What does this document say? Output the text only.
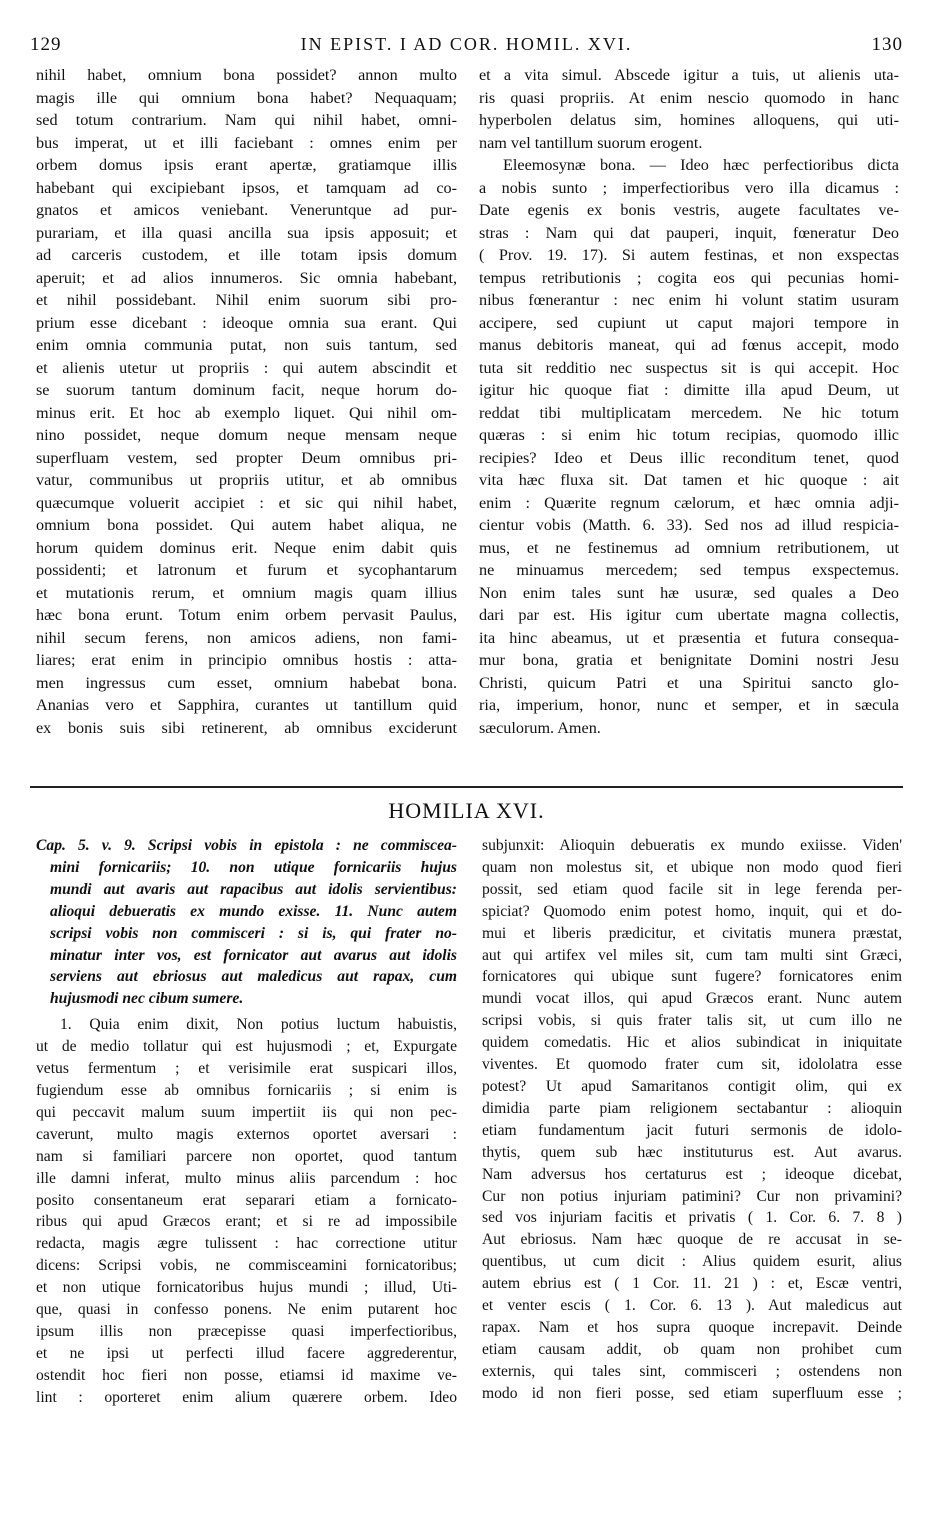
129	IN EPIST. I AD COR. HOMIL. XVI.	130
nihil habet, omnium bona possidet? annon multo
magis ille qui omnium bona habet? Nequaquam;
sed totum contrarium. Nam qui nihil habet, omni-
bus imperat, ut et illi faciebant : omnes enim per
orbem domus ipsis erant apertæ, gratiamque illis
habebant qui excipiebant ipsos, et tamquam ad co-
gnatos et amicos veniebant. Veneruntque ad pur-
purariam, et illa quasi ancilla sua ipsis apposuit; et
ad carceris custodem, et ille totam ipsis domum
aperuit; et ad alios innumeros. Sic omnia habebant,
et nihil possidebant. Nihil enim suorum sibi pro-
prium esse dicebant : ideoque omnia sua erant. Qui
enim omnia communia putat, non suis tantum, sed
et alienis utetur ut propriis : qui autem abscindit et
se suorum tantum dominum facit, neque horum do-
minus erit. Et hoc ab exemplo liquet. Qui nihil om-
nino possidet, neque domum neque mensam neque
superfluam vestem, sed propter Deum omnibus pri-
vatur, communibus ut propriis utitur, et ab omnibus
quæcumque voluerit accipiet : et sic qui nihil habet,
omnium bona possidet. Qui autem habet aliqua, ne
horum quidem dominus erit. Neque enim dabit quis
possidenti; et latronum et furum et sycophantarum
et mutationis rerum, et omnium magis quam illius
hæc bona erunt. Totum enim orbem pervasit Paulus,
nihil secum ferens, non amicos adiens, non fami-
liares; erat enim in principio omnibus hostis : atta-
men ingressus cum esset, omnium habebat bona.
Ananias vero et Sapphira, curantes ut tantillum quid
ex bonis suis sibi retinerent, ab omnibus exciderunt
et a vita simul. Abscede igitur a tuis, ut alienis uta-
ris quasi propriis. At enim nescio quomodo in hanc
hyperbolen delatus sim, homines alloquens, qui uti-
nam vel tantillum suorum erogent.
Eleemosynæ bona. — Ideo hæc perfectioribus dicta
a nobis sunto ; imperfectioribus vero illa dicamus :
Date egenis ex bonis vestris, augete facultates ve-
stras : Nam qui dat pauperi, inquit, fœneratur Deo
( Prov. 19. 17). Si autem festinas, et non exspectas
tempus retributionis ; cogita eos qui pecunias homi-
nibus fœnerantur : nec enim hi volunt statim usuram
accipere, sed cupiunt ut caput majori tempore in
manus debitoris maneat, qui ad fœnus accepit, modo
tuta sit redditio nec suspectus sit is qui accepit. Hoc
igitur hic quoque fiat : dimitte illa apud Deum, ut
reddat tibi multiplicatam mercedem. Ne hic totum
quæras : si enim hic totum recipias, quomodo illic
recipies? Ideo et Deus illic reconditum tenet, quod
vita hæc fluxa sit. Dat tamen et hic quoque : ait
enim : Quærite regnum cælorum, et hæc omnia adji-
cientur vobis (Matth. 6. 33). Sed nos ad illud respicia-
mus, et ne festinemus ad omnium retributionem, ut
ne minuamus mercedem; sed tempus exspectemus.
Non enim tales sunt hæ usuræ, sed quales a Deo
dari par est. His igitur cum ubertate magna collectis,
ita hinc abeamus, ut et præsentia et futura consequa-
mur bona, gratia et benignitate Domini nostri Jesu
Christi, quicum Patri et una Spiritui sancto glo-
ria, imperium, honor, nunc et semper, et in sæcula
sæculorum. Amen.
HOMILIA XVI.
Cap. 5. v. 9. Scripsi vobis in epistola : ne commiscea-
mini fornicariis; 10. non utique fornicariis hujus
mundi aut avaris aut rapacibus aut idolis servientibus:
alioqui debueratis ex mundo exisse. 11. Nunc autem
scripsi vobis non commisceri : si is, qui frater no-
minatur inter vos, est fornicator aut avarus aut idolis
serviens aut ebriosus aut maledicus aut rapax, cum
hujusmodi nec cibum sumere.
1. Quia enim dixit, Non potius luctum habuistis,
ut de medio tollatur qui est hujusmodi ; et, Expurgate
vetus fermentum ; et verisimile erat suspicari illos,
fugiendum esse ab omnibus fornicariis ; si enim is
qui peccavit malum suum impertiit iis qui non pec-
caverunt, multo magis externos oportet aversari :
nam si familiari parcere non oportet, quod tantum
ille damni inferat, multo minus aliis parcendum : hoc
posito consentaneum erat separari etiam a fornicato-
ribus qui apud Græcos erant; et si re ad impossibile
redacta, magis ægre tulissent : hac correctione utitur
dicens: Scripsi vobis, ne commisceamini fornicatoribus;
et non utique fornicatoribus hujus mundi ; illud, Uti-
que, quasi in confesso ponens. Ne enim putarent hoc
ipsum illis non præcepisse quasi imperfectioribus,
et ne ipsi ut perfecti illud facere aggrederentur,
ostendit hoc fieri non posse, etiamsi id maxime ve-
lint : oporteret enim alium quærere orbem. Ideo
subjunxit: Alioquin debueratis ex mundo exiisse. Viden'
quam non molestus sit, et ubique non modo quod fieri
possit, sed etiam quod facile sit in lege ferenda per-
spiciat? Quomodo enim potest homo, inquit, qui et do-
mui et liberis prædicitur, et civitatis munera præstat,
aut qui artifex vel miles sit, cum tam multi sint Græci,
fornicatores qui ubique sunt fugere? fornicatores enim
mundi vocat illos, qui apud Græcos erant. Nunc autem
scripsi vobis, si quis frater talis sit, ut cum illo ne
quidem comedatis. Hic et alios subindicat in iniquitate
viventes. Et quomodo frater cum sit, idololatra esse
potest? Ut apud Samaritanos contigit olim, qui ex
dimidia parte piam religionem sectabantur : alioquin
etiam fundamentum jacit futuri sermonis de idolo-
thytis, quem sub hæc instituturus est. Aut avarus.
Nam adversus hos certaturus est ; ideoque dicebat,
Cur non potius injuriam patimini? Cur non privamini?
sed vos injuriam facitis et privatis ( 1. Cor. 6. 7. 8 )
Aut ebriosus. Nam hæc quoque de re accusat in se-
quentibus, ut cum dicit : Alius quidem esurit, alius
autem ebrius est ( 1 Cor. 11. 21 ) : et, Escæ ventri,
et venter escis ( 1. Cor. 6. 13 ). Aut maledicus aut
rapax. Nam et hos supra quoque increpavit. Deinde
etiam causam addit, ob quam non prohibet cum
externis, qui tales sint, commisceri ; ostendens non
modo id non fieri posse, sed etiam superfluum esse ;
